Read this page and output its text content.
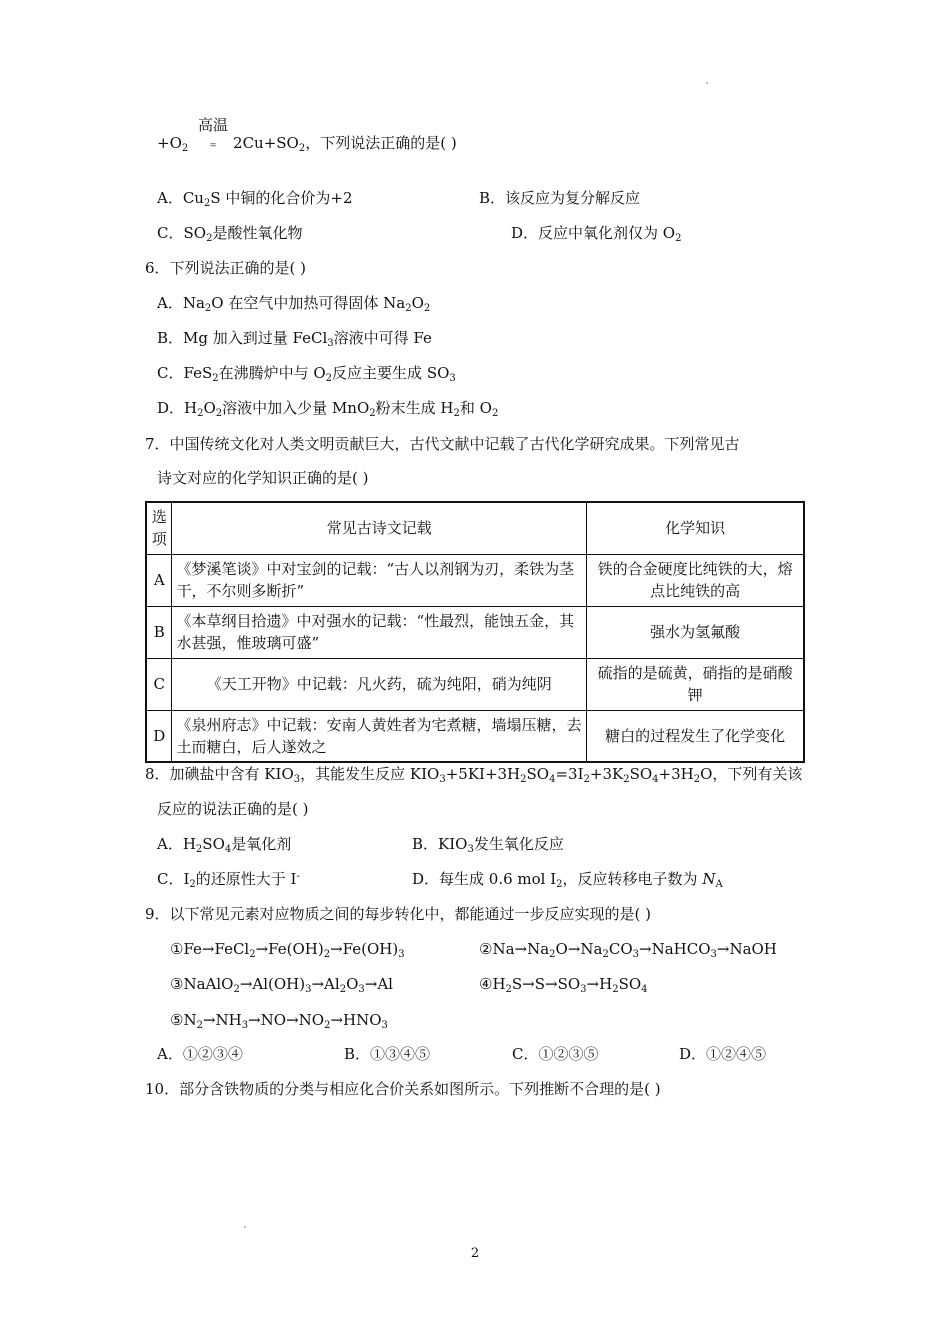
$+O_2$
高温
= $2Cu+SO_2$，下列说法正确的是( )
A．$Cu_2S$ 中铜的化合价为+2	B．该反应为复分解反应
C．$SO_2$是酸性氧化物	D．反应中氧化剂仅为 $O_2$
6．下列说法正确的是( )
A．$Na_2O$ 在空气中加热可得固体 $Na_2O_2$
B．Mg 加入到过量 FeCl$_3$溶液中可得 Fe
C．FeS$_2$在沸腾炉中与 $O_2$反应主要生成 $SO_3$
D．$H_2O_2$溶液中加入少量 MnO$_2$粉末生成 $H_2$和 $O_2$
7．中国传统文化对人类文明贡献巨大，古代文献中记载了古代化学研究成果。下列常见古
诗文对应的化学知识正确的是( )
选项	常见古诗文记载	化学知识
A	《梦溪笔谈》中对宝剑的记载：“古人以剂钢为刃，柔铁为茎干，不尔则多断折”	铁的合金硬度比纯铁的大，熔点比纯铁的高
B	《本草纲目拾遗》中对强水的记载：“性最烈，能蚀五金，其水甚强，惟玻璃可盛”	强水为氢氟酸
C	《天工开物》中记载：凡火药，硫为纯阳，硝为纯阴	硫指的是硫黄，硝指的是硝酸钾
D	《泉州府志》中记载：安南人黄姓者为宅煮糖，墙塌压糖，去土而糖白，后人遂效之	糖白的过程发生了化学变化
8．加碘盐中含有 $KIO_3$，其能发生反应 $KIO_3+5KI+3H_2SO_4=3I_2+3K_2SO_4+3H_2O$，下列有关该
反应的说法正确的是( )
A．$H_2SO_4$是氧化剂	B．$KIO_3$发生氧化反应
C．$I_2$的还原性大于 I-	D．每生成 0.6 mol $I_2$，反应转移电子数为 $N_A$
9．以下常见元素对应物质之间的每步转化中，都能通过一步反应实现的是( )
$①Fe\to FeCl_2\to Fe(OH)_2\to Fe(OH)_3$	$②Na\to Na_2O\to Na_2CO_3\to NaHCO_3\to NaOH$
$③NaAlO_2\to Al(OH)_3\to Al_2O_3\to Al$	$④H_2S\to S\to SO_3\to H_2SO_4$
$⑤N_2\to NH_3\to NO\to NO_2\to HNO_3$
A．①②③④	B．①③④⑤	C．①②③⑤	D．①②④⑤
10．部分含铁物质的分类与相应化合价关系如图所示。下列推断不合理的是( )
2
